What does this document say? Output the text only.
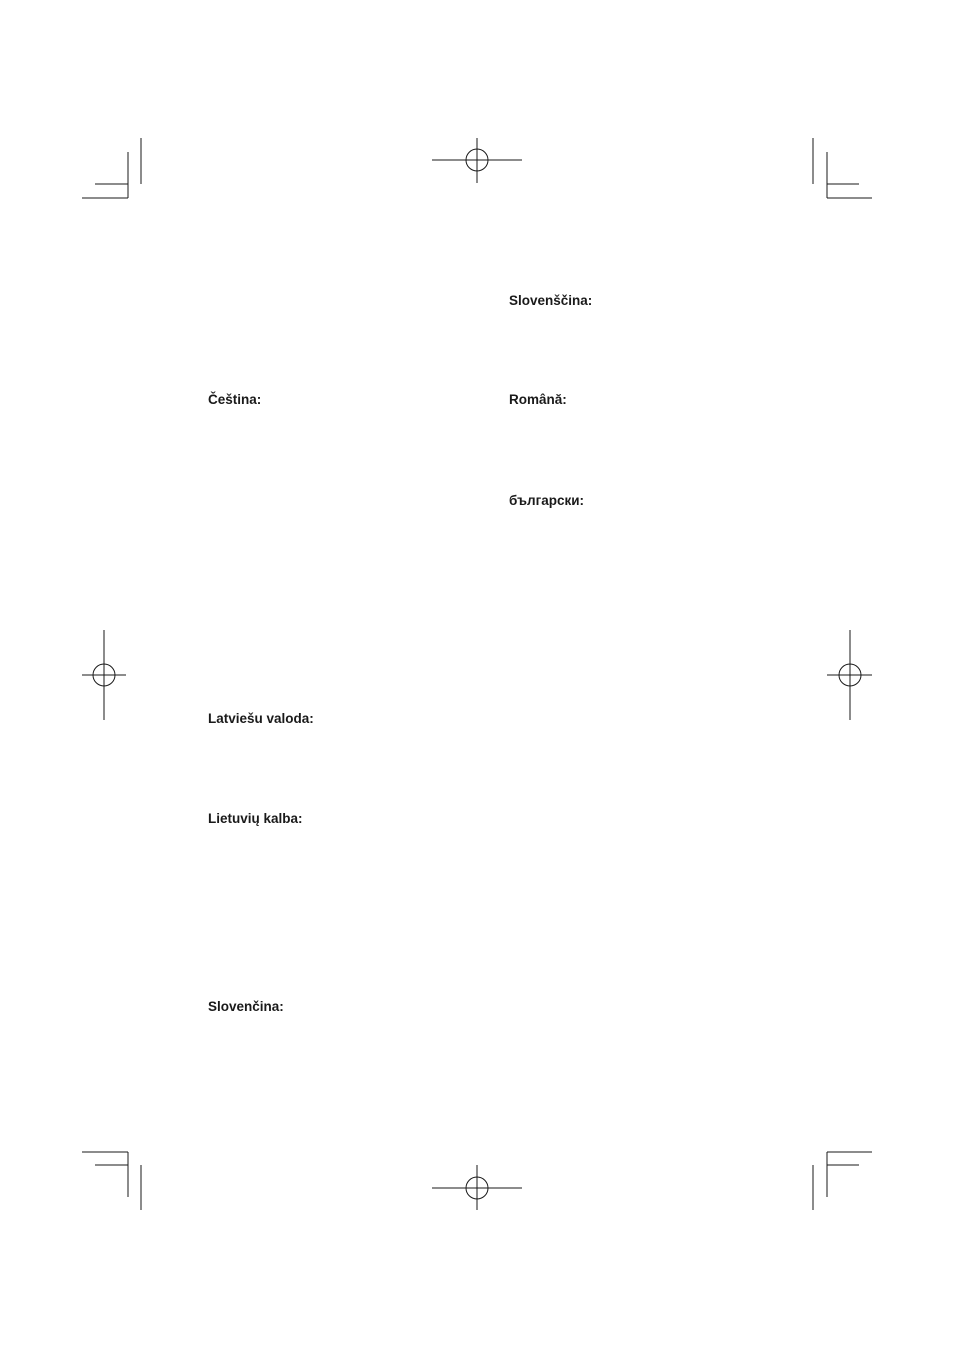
Čeština:
Latviešu valoda:
Lietuvių kalba:
Slovenčina:
Slovenščina:
Română:
български:
